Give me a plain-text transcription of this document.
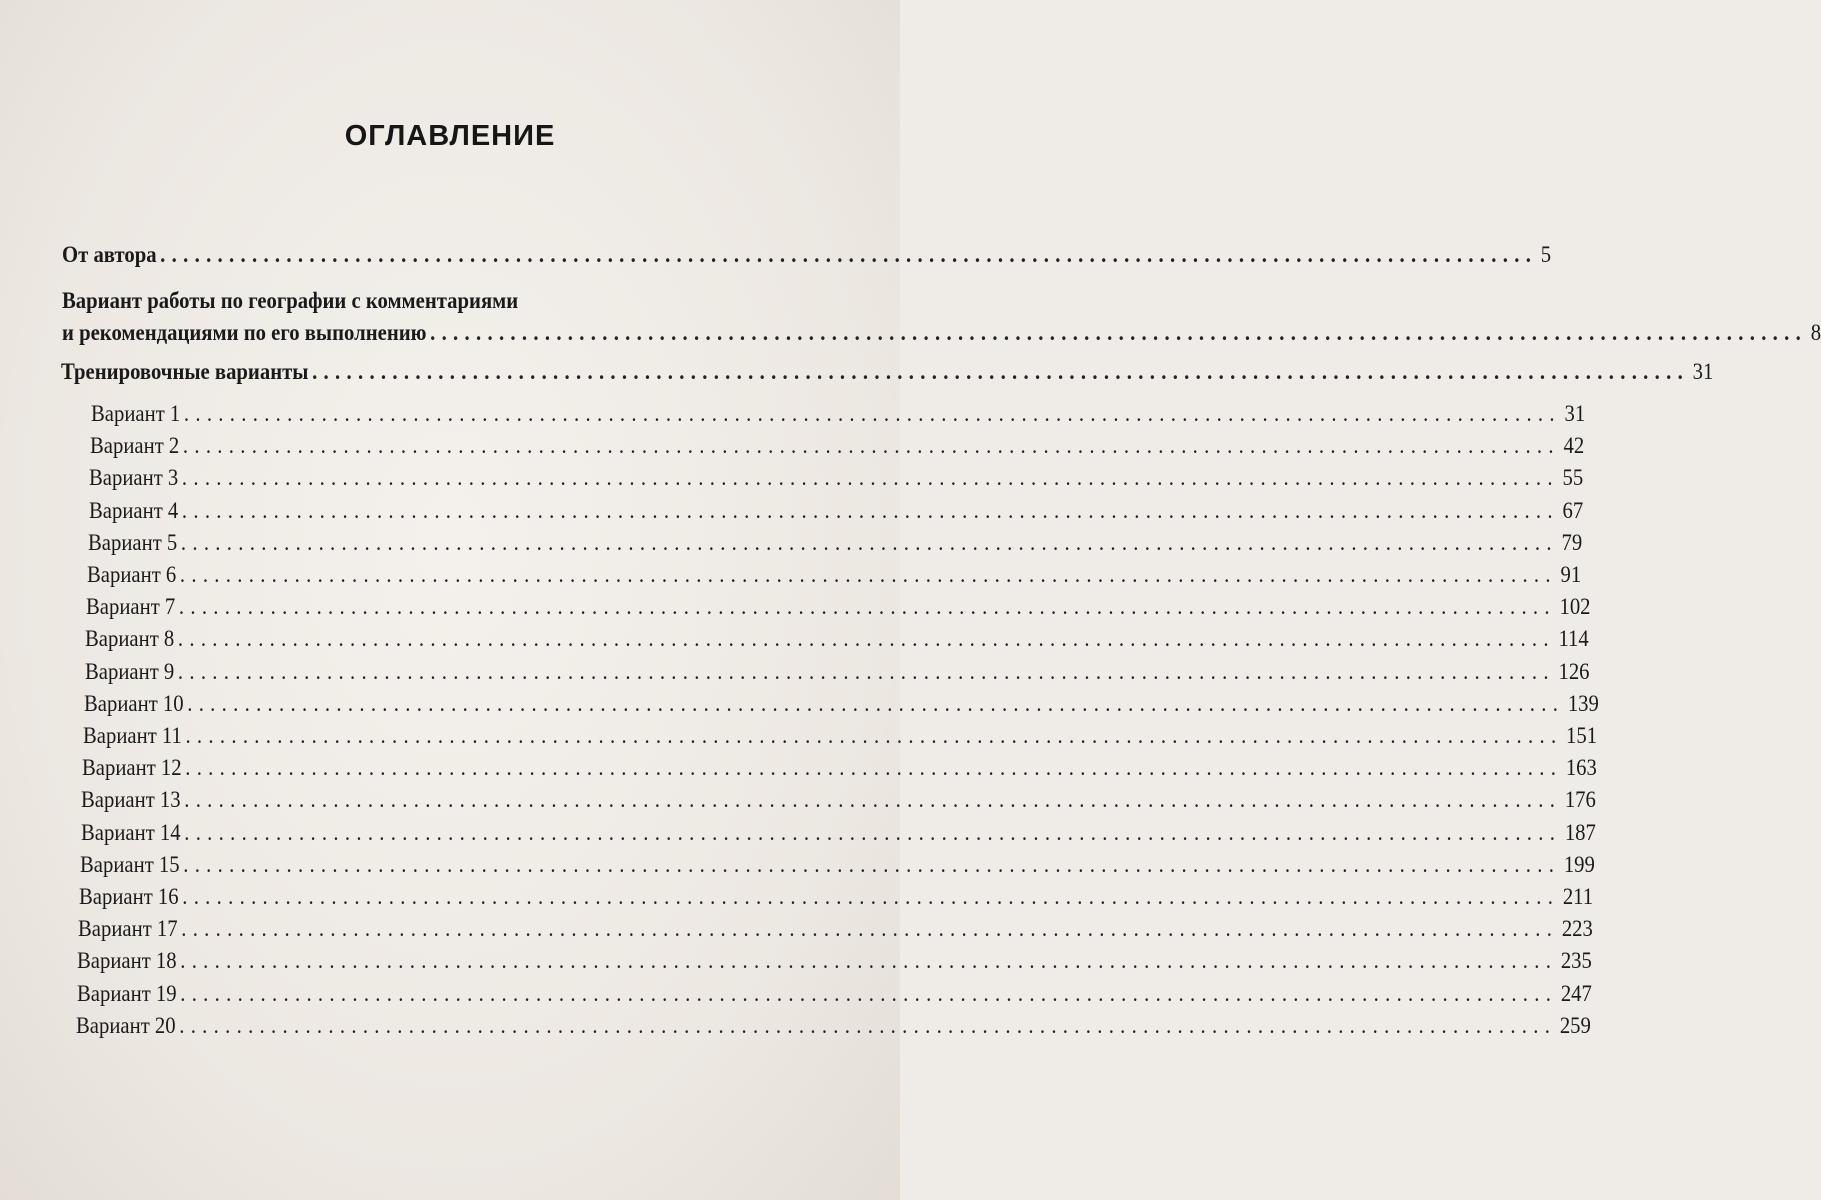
ОГЛАВЛЕНИЕ
От автора ........................................................................................................................ 5
Вариант работы по географии с комментариями
и рекомендациями по его выполнению ........................................................................................................................ 8
Тренировочные варианты ........................................................................................................................ 31
Вариант 1 ........................................................................................................................ 31
Вариант 2 ........................................................................................................................ 42
Вариант 3 ........................................................................................................................ 55
Вариант 4 ........................................................................................................................ 67
Вариант 5 ........................................................................................................................ 79
Вариант 6 ........................................................................................................................ 91
Вариант 7 ........................................................................................................................ 102
Вариант 8 ........................................................................................................................ 114
Вариант 9 ........................................................................................................................ 126
Вариант 10 ........................................................................................................................ 139
Вариант 11 ........................................................................................................................ 151
Вариант 12 ........................................................................................................................ 163
Вариант 13 ........................................................................................................................ 176
Вариант 14 ........................................................................................................................ 187
Вариант 15 ........................................................................................................................ 199
Вариант 16 ........................................................................................................................ 211
Вариант 17 ........................................................................................................................ 223
Вариант 18 ........................................................................................................................ 235
Вариант 19 ........................................................................................................................ 247
Вариант 20 ........................................................................................................................ 259
